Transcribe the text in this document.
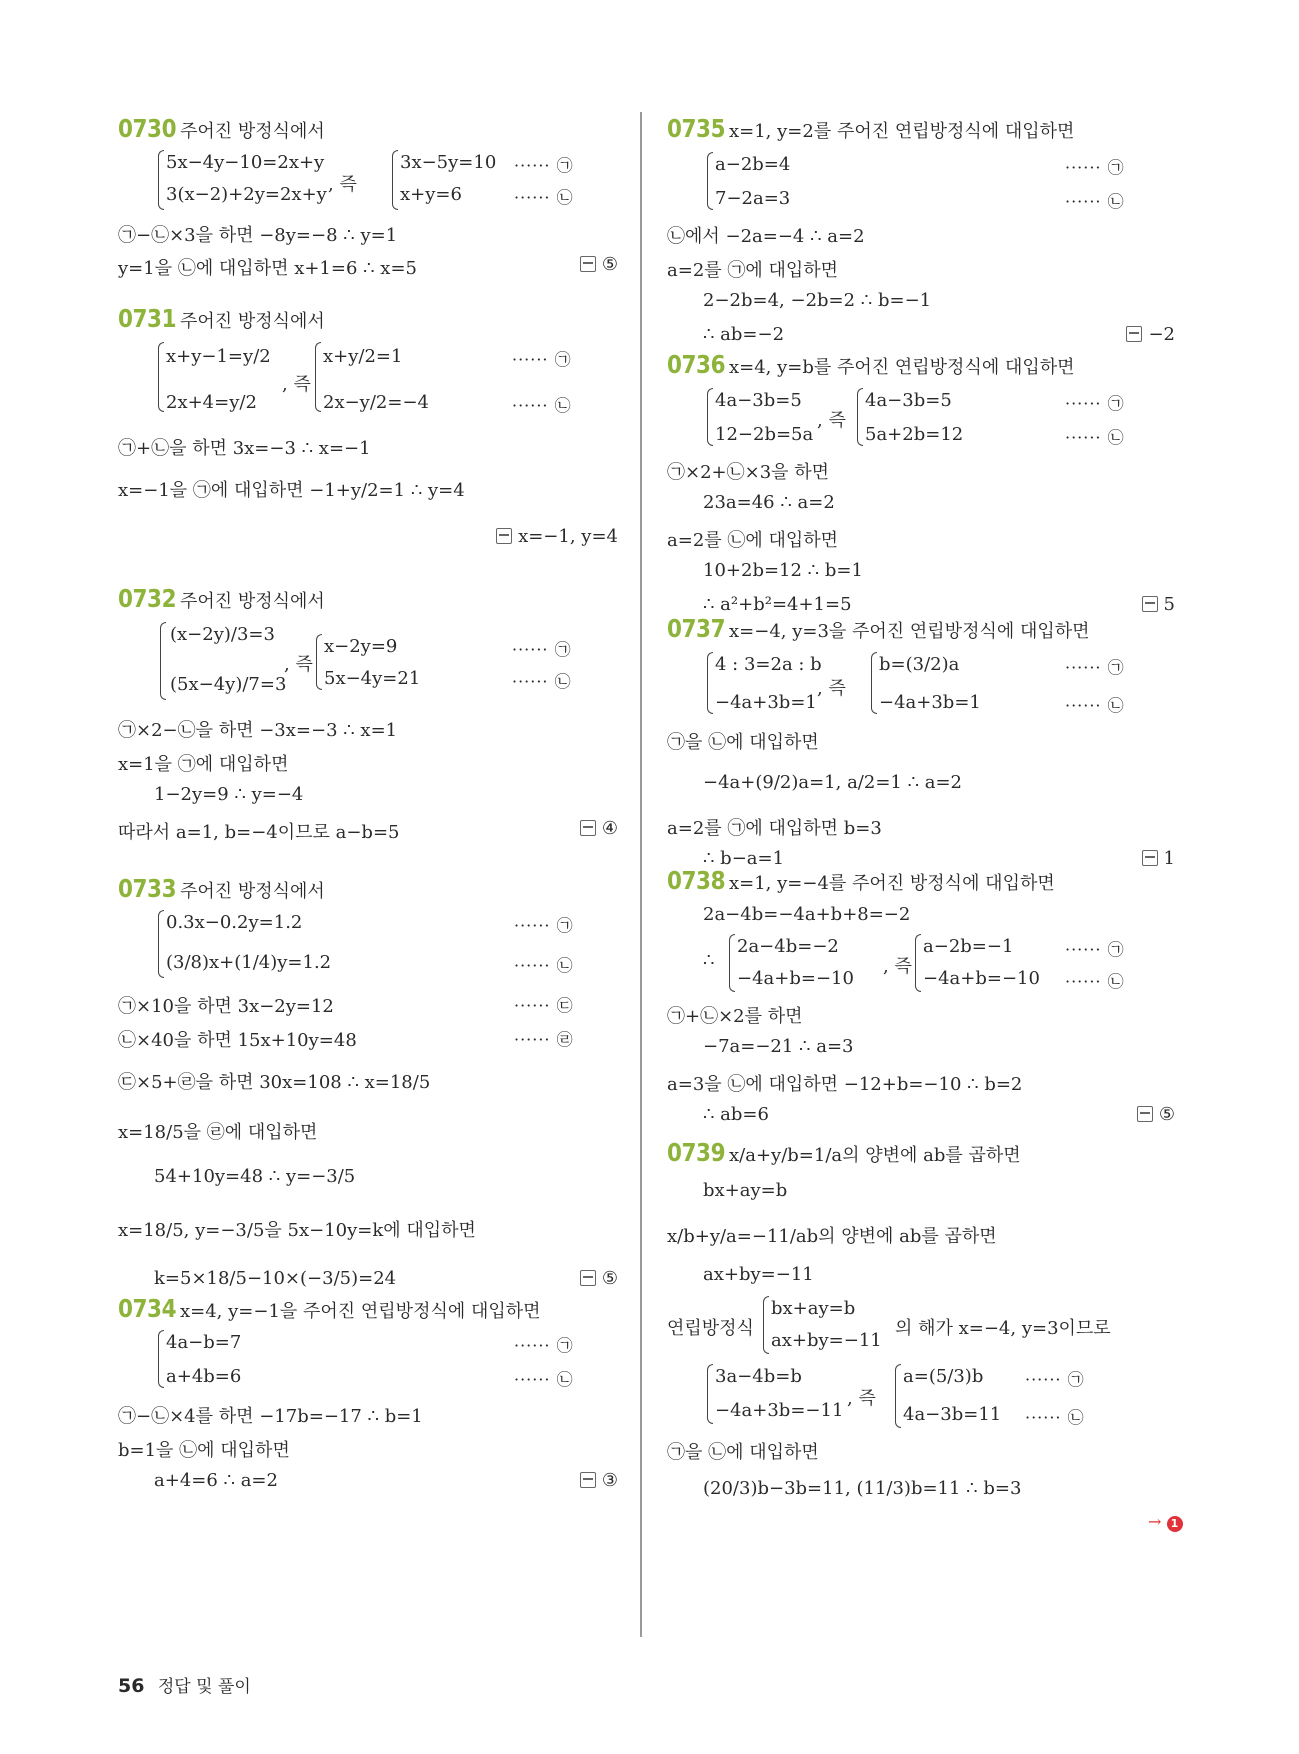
0730 주어진 방정식에서
5x−4y−10=2x+y
3(x−2)+2y=2x+y , 즉
3x−5y=10
x+y=6
㉠−㉡×3을 하면 −8y=−8 ∴ y=1
y=1을 ㉡에 대입하면 x+1=6 ∴ x=5
······ ㉠
······ ㉡
⑤
0731 주어진 방정식에서
x+y−1=y/2
2x+4=y/2
, 즉
x+y/2=1
2x−y/2=−4
㉠+㉡을 하면 3x=−3 ∴ x=−1
x=−1을 ㉠에 대입하면 −1+y/2=1 ∴ y=4
······ ㉠
······ ㉡
x=−1, y=4
0732 주어진 방정식에서
(x−2y)/3=3
(5x−4y)/7=3
, 즉
x−2y=9
5x−4y=21
㉠×2−㉡을 하면 −3x=−3 ∴ x=1
x=1을 ㉠에 대입하면
1−2y=9 ∴ y=−4
따라서 a=1, b=−4이므로 a−b=5
······ ㉠
······ ㉡
④
0733 주어진 방정식에서
0.3x−0.2y=1.2
(3/8)x+(1/4)y=1.2
㉠×10을 하면 3x−2y=12
㉡×40을 하면 15x+10y=48
㉢×5+㉣을 하면 30x=108 ∴ x=18/5
x=18/5을 ㉣에 대입하면
54+10y=48 ∴ y=−3/5
x=18/5, y=−3/5을 5x−10y=k에 대입하면
k=5×18/5−10×(−3/5)=24
······ ㉠
······ ㉡
······ ㉢
······ ㉣
⑤
0734 x=4, y=−1을 주어진 연립방정식에 대입하면
4a−b=7
a+4b=6
㉠−㉡×4를 하면 −17b=−17 ∴ b=1
b=1을 ㉡에 대입하면
a+4=6 ∴ a=2
······ ㉠
······ ㉡
③
0735 x=1, y=2를 주어진 연립방정식에 대입하면
a−2b=4
7−2a=3
㉡에서 −2a=−4 ∴ a=2
a=2를 ㉠에 대입하면
2−2b=4, −2b=2 ∴ b=−1
∴ ab=−2
······ ㉠
······ ㉡
−2
0736 x=4, y=b를 주어진 연립방정식에 대입하면
4a−3b=5
12−2b=5a
, 즉
4a−3b=5
5a+2b=12
㉠×2+㉡×3을 하면
23a=46 ∴ a=2
a=2를 ㉡에 대입하면
10+2b=12 ∴ b=1
∴ a²+b²=4+1=5
······ ㉠
······ ㉡
5
0737 x=−4, y=3을 주어진 연립방정식에 대입하면
4 : 3=2a : b
−4a+3b=1
, 즉
b=(3/2)a
−4a+3b=1
㉠을 ㉡에 대입하면
−4a+(9/2)a=1, a/2=1 ∴ a=2
a=2를 ㉠에 대입하면 b=3
∴ b−a=1
······ ㉠
······ ㉡
1
0738 x=1, y=−4를 주어진 방정식에 대입하면
2a−4b=−4a+b+8=−2
∴
2a−4b=−2
−4a+b=−10
, 즉
a−2b=−1
−4a+b=−10
㉠+㉡×2를 하면
−7a=−21 ∴ a=3
a=3을 ㉡에 대입하면 −12+b=−10 ∴ b=2
∴ ab=6
······ ㉠
······ ㉡
⑤
0739 x/a+y/b=1/a의 양변에 ab를 곱하면
bx+ay=b
x/b+y/a=−11/ab의 양변에 ab를 곱하면
ax+by=−11
연립방정식
bx+ay=b
ax+by=−11
의 해가 x=−4, y=3이므로
3a−4b=b
−4a+3b=−11
, 즉
a=(5/3)b
4a−3b=11
㉠을 ㉡에 대입하면
(20/3)b−3b=11, (11/3)b=11 ∴ b=3
······ ㉠
······ ㉡
→ 1
56 정답 및 풀이
